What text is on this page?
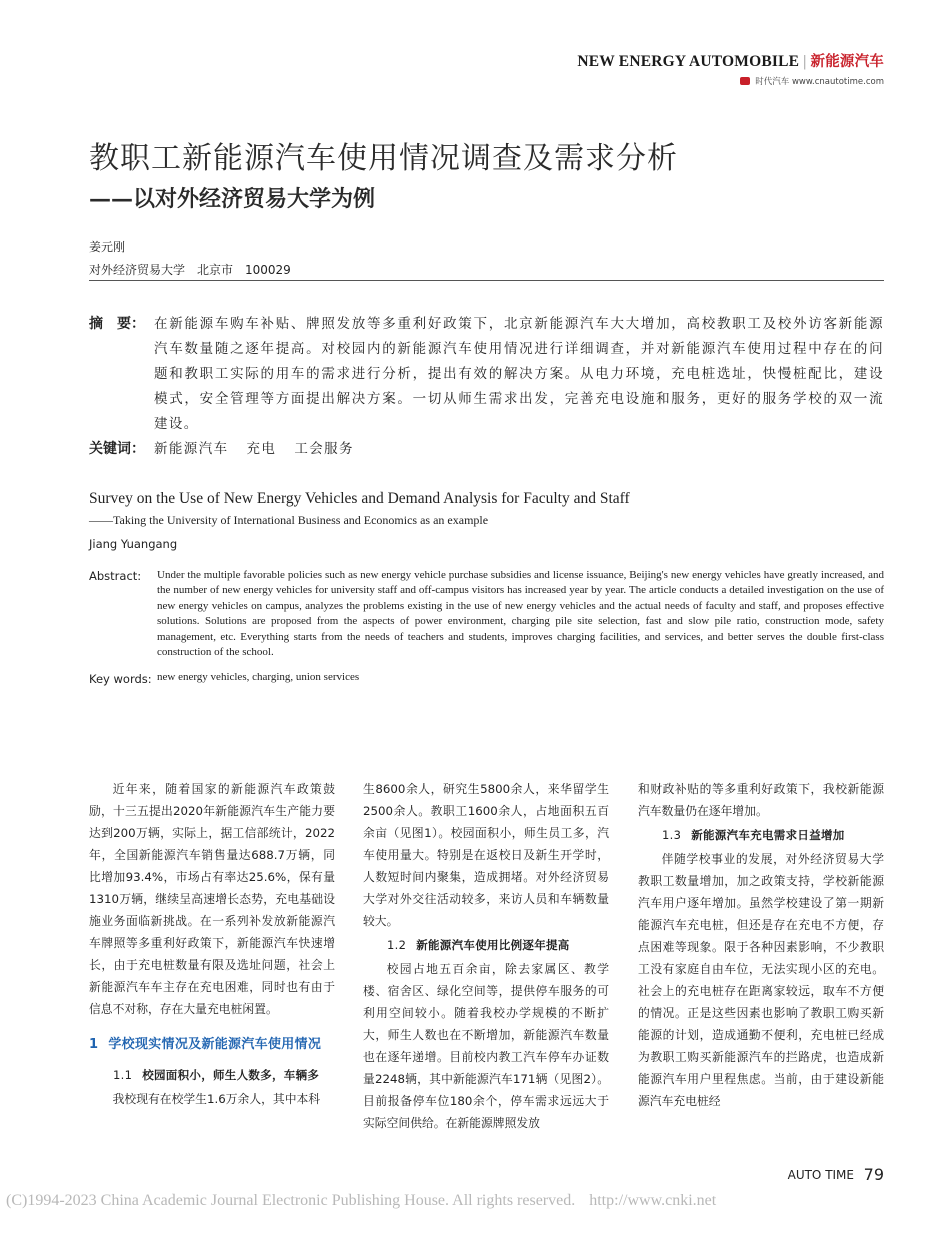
NEW ENERGY AUTOMOBILE | 新能源汽车
时代汽车 www.cnautotime.com
教职工新能源汽车使用情况调查及需求分析
——以对外经济贸易大学为例
姜元刚
对外经济贸易大学　北京市　100029
摘　要： 在新能源车购车补贴、牌照发放等多重利好政策下，北京新能源汽车大大增加，高校教职工及校外访客新能源汽车数量随之逐年提高。对校园内的新能源汽车使用情况进行详细调查，并对新能源汽车使用过程中存在的问题和教职工实际的用车的需求进行分析，提出有效的解决方案。从电力环境，充电桩选址，快慢桩配比，建设模式，安全管理等方面提出解决方案。一切从师生需求出发，完善充电设施和服务，更好的服务学校的双一流建设。
关键词： 新能源汽车 充电 工会服务
Survey on the Use of New Energy Vehicles and Demand Analysis for Faculty and Staff
——Taking the University of International Business and Economics as an example
Jiang Yuangang
Abstract: Under the multiple favorable policies such as new energy vehicle purchase subsidies and license issuance, Beijing's new energy vehicles have greatly increased, and the number of new energy vehicles for university staff and off-campus visitors has increased year by year. The article conducts a detailed investigation on the use of new energy vehicles on campus, analyzes the problems existing in the use of new energy vehicles and the actual needs of faculty and staff, and proposes effective solutions. Solutions are proposed from the aspects of power environment, charging pile site selection, fast and slow pile ratio, construction mode, safety management, etc. Everything starts from the needs of teachers and students, improves charging facilities, and services, and better serves the double first-class construction of the school.
Key words: new energy vehicles, charging, union services

近年来，随着国家的新能源汽车政策鼓励，十三五提出2020年新能源汽车生产能力要达到200万辆，实际上，据工信部统计，2022年，全国新能源汽车销售量达688.7万辆，同比增加93.4%，市场占有率达25.6%，保有量1310万辆，继续呈高速增长态势，充电基础设施业务面临新挑战。在一系列补发放新能源汽车牌照等多重利好政策下，新能源汽车快速增长，由于充电桩数量有限及选址问题，社会上新能源汽车车主存在充电困难，同时也有由于信息不对称，存在大量充电桩闲置。

1 学校现实情况及新能源汽车使用情况
1.1 校园面积小，师生人数多，车辆多

我校现有在校学生1.6万余人，其中本科

生8600余人，研究生5800余人，来华留学生2500余人。教职工1600余人，占地面积五百余亩（见图1）。校园面积小，师生员工多，汽车使用量大。特别是在返校日及新生开学时，人数短时间内聚集，造成拥堵。对外经济贸易大学对外交往活动较多，来访人员和车辆数量较大。

1.2 新能源汽车使用比例逐年提高

校园占地五百余亩，除去家属区、教学楼、宿舍区、绿化空间等，提供停车服务的可利用空间较小。随着我校办学规模的不断扩大，师生人数也在不断增加，新能源汽车数量也在逐年递增。目前校内教工汽车停车办证数量2248辆，其中新能源汽车171辆（见图2）。目前报备停车位180余个，停车需求远远大于实际空间供给。在新能源牌照发放

和财政补贴的等多重利好政策下，我校新能源汽车数量仍在逐年增加。

1.3 新能源汽车充电需求日益增加

伴随学校事业的发展，对外经济贸易大学教职工数量增加，加之政策支持，学校新能源汽车用户逐年增加。虽然学校建设了第一期新能源汽车充电桩，但还是存在充电不方便，存点困难等现象。限于各种因素影响，不少教职工没有家庭自由车位，无法实现小区的充电。社会上的充电桩存在距离家较远，取车不方便的情况。正是这些因素也影响了教职工购买新能源的计划，造成通勤不便利，充电桩已经成为教职工购买新能源汽车的拦路虎，也造成新能源汽车用户里程焦虑。当前，由于建设新能源汽车充电桩经

AUTO TIME 79
(C)1994-2023 China Academic Journal Electronic Publishing House. All rights reserved. http://www.cnki.net
